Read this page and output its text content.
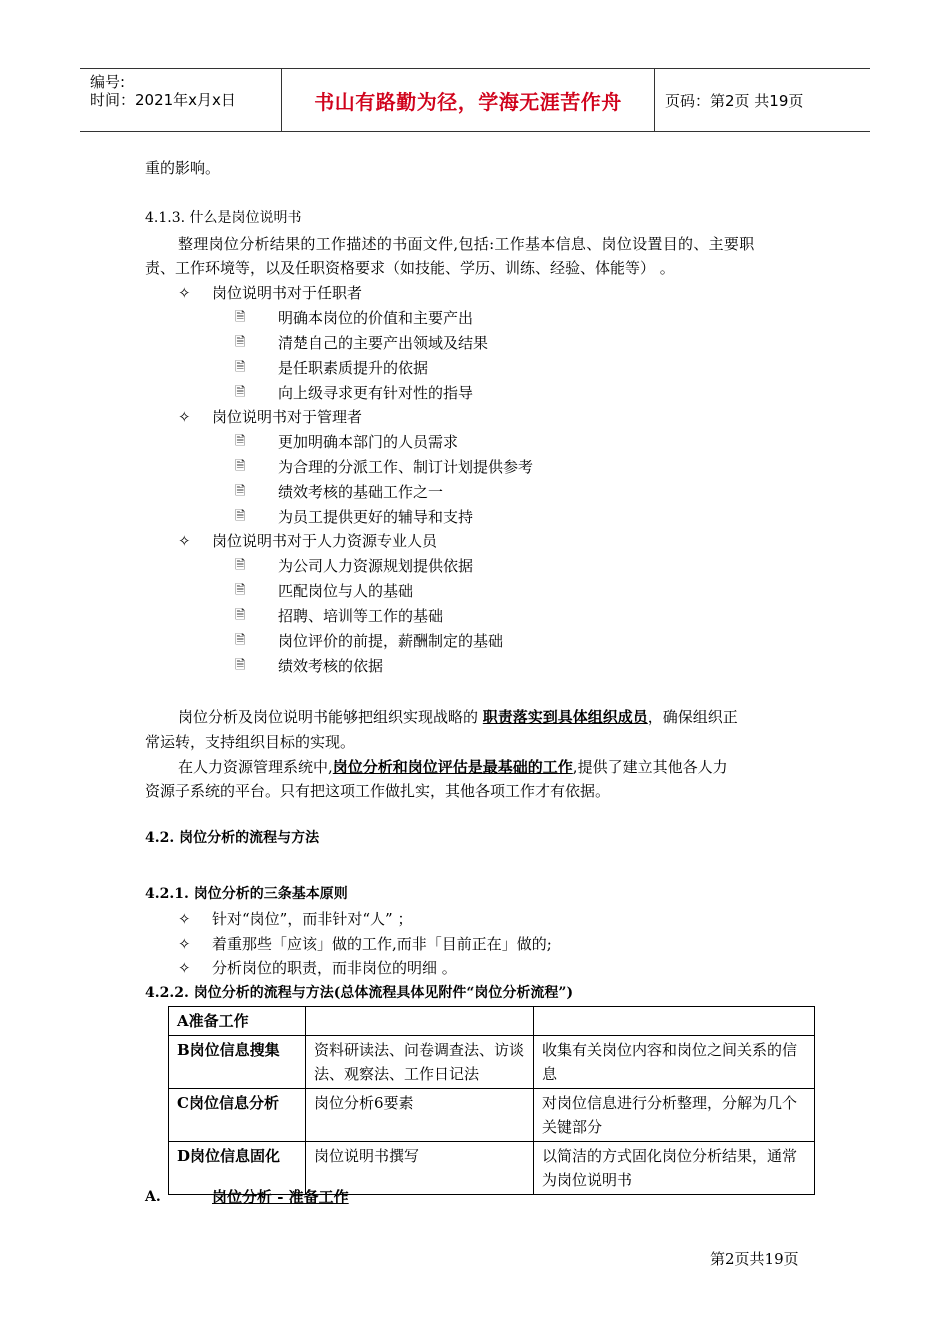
编号:
时间：2021年x月x日	书山有路勤为径，学海无涯苦作舟	页码：第2页 共19页
重的影响。
4.1.3. 什么是岗位说明书
整理岗位分析结果的工作描述的书面文件,包括:工作基本信息、岗位设置目的、主要职
责、工作环境等，以及任职资格要求（如技能、学历、训练、经验、体能等） 。
✧ 岗位说明书对于任职者
🗎 明确本岗位的价值和主要产出
🗎 清楚自己的主要产出领域及结果
🗎 是任职素质提升的依据
🗎 向上级寻求更有针对性的指导
✧ 岗位说明书对于管理者
🗎 更加明确本部门的人员需求
🗎 为合理的分派工作、制订计划提供参考
🗎 绩效考核的基础工作之一
🗎 为员工提供更好的辅导和支持
✧ 岗位说明书对于人力资源专业人员
🗎 为公司人力资源规划提供依据
🗎 匹配岗位与人的基础
🗎 招聘、培训等工作的基础
🗎 岗位评价的前提，薪酬制定的基础
🗎 绩效考核的依据
岗位分析及岗位说明书能够把组织实现战略的 职责落实到具体组织成员，确保组织正
常运转，支持组织目标的实现。
在人力资源管理系统中,岗位分析和岗位评估是最基础的工作,提供了建立其他各人力
资源子系统的平台。只有把这项工作做扎实，其他各项工作才有依据。
4.2. 岗位分析的流程与方法
4.2.1. 岗位分析的三条基本原则
✧ 针对“岗位”，而非针对“人” ；
✧ 着重那些「应该」做的工作,而非「目前正在」做的;
✧ 分析岗位的职责，而非岗位的明细 。
4.2.2. 岗位分析的流程与方法(总体流程具体见附件“岗位分析流程”)
A准备工作		
B岗位信息搜集	资料研读法、问卷调查法、访谈法、观察法、工作日记法	收集有关岗位内容和岗位之间关系的信息
C岗位信息分析	岗位分析6要素	对岗位信息进行分析整理，分解为几个关键部分
D岗位信息固化	岗位说明书撰写	以简洁的方式固化岗位分析结果，通常为岗位说明书
A.	岗位分析 - 准备工作
第2页共19页
